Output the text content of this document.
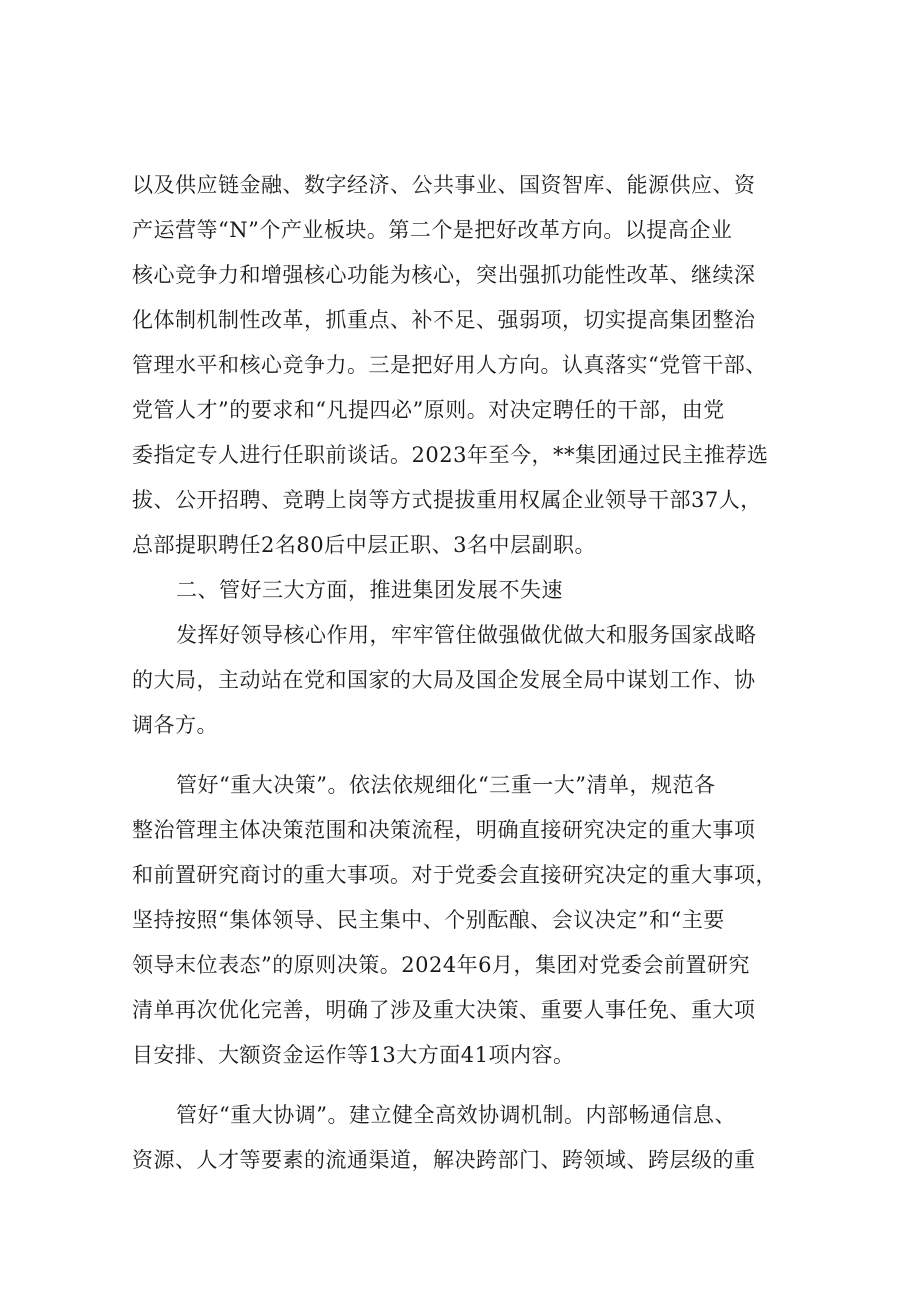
以及供应链金融、数字经济、公共事业、国资智库、能源供应、资
产运营等“N”个产业板块。第二个是把好改革方向。以提高企业
核心竞争力和增强核心功能为核心，突出强抓功能性改革、继续深
化体制机制性改革，抓重点、补不足、强弱项，切实提高集团整治
管理水平和核心竞争力。三是把好用人方向。认真落实“党管干部、
党管人才”的要求和“凡提四必”原则。对决定聘任的干部，由党
委指定专人进行任职前谈话。2023年至今，**集团通过民主推荐选
拔、公开招聘、竞聘上岗等方式提拔重用权属企业领导干部37人，
总部提职聘任2名80后中层正职、3名中层副职。
二、管好三大方面，推进集团发展不失速
发挥好领导核心作用，牢牢管住做强做优做大和服务国家战略
的大局，主动站在党和国家的大局及国企发展全局中谋划工作、协
调各方。
管好“重大决策”。依法依规细化“三重一大”清单，规范各
整治管理主体决策范围和决策流程，明确直接研究决定的重大事项
和前置研究商讨的重大事项。对于党委会直接研究决定的重大事项，
坚持按照“集体领导、民主集中、个别酝酿、会议决定”和“主要
领导末位表态”的原则决策。2024年6月，集团对党委会前置研究
清单再次优化完善，明确了涉及重大决策、重要人事任免、重大项
目安排、大额资金运作等13大方面41项内容。
管好“重大协调”。建立健全高效协调机制。内部畅通信息、
资源、人才等要素的流通渠道，解决跨部门、跨领域、跨层级的重
